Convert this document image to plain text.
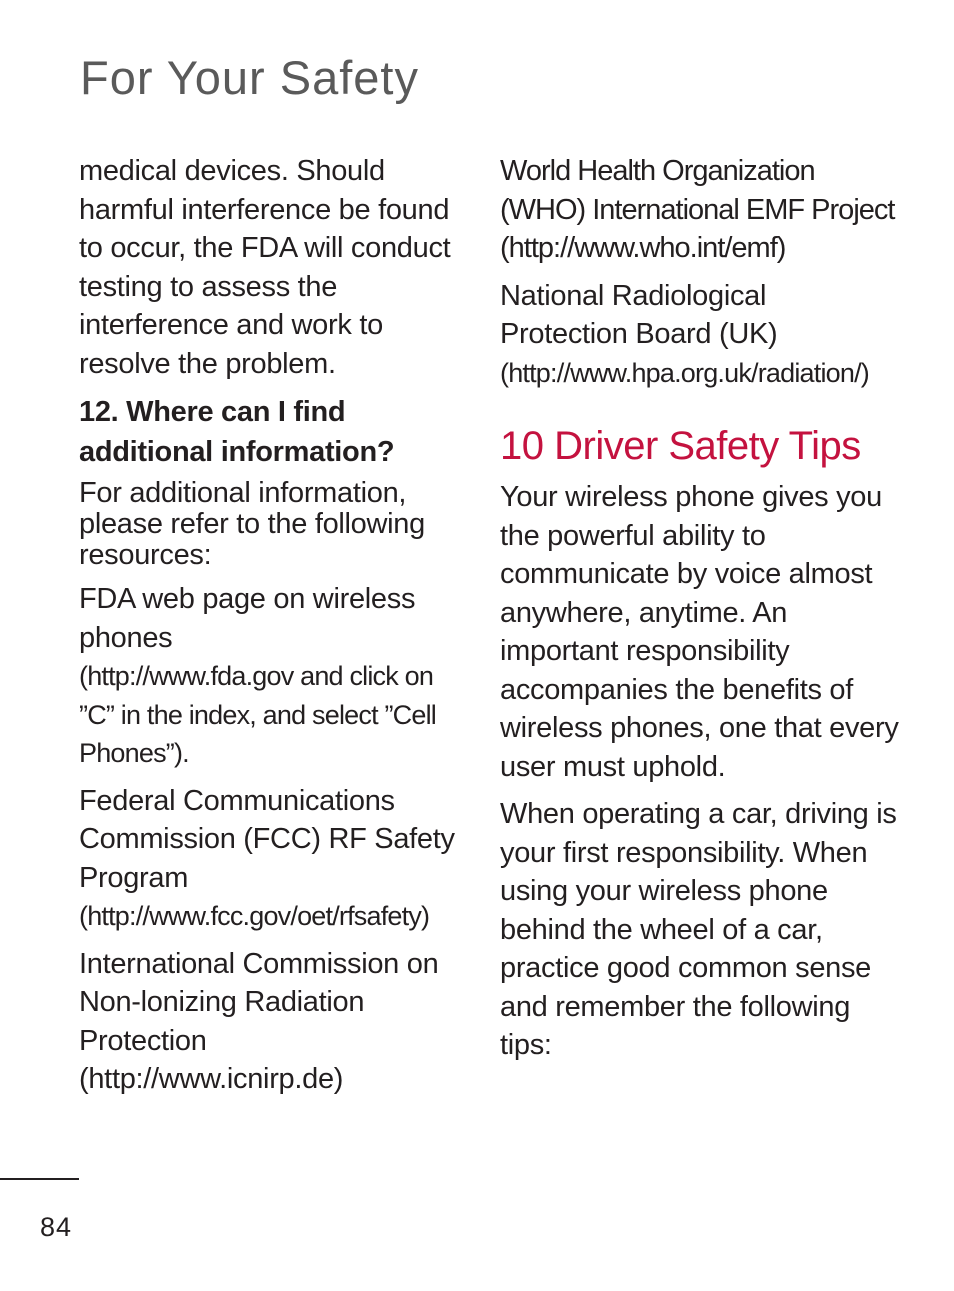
For Your Safety

medical devices. Should harmful interference be found to occur, the FDA will conduct testing to assess the interference and work to resolve the problem.

12. Where can I find additional information?

For additional information, please refer to the following resources:

FDA web page on wireless phones

(http://www.fda.gov and click on ”C” in the index, and select ”Cell Phones”).

Federal Communications Commission (FCC) RF Safety Program

(http://www.fcc.gov/oet/rfsafety)

International Commission on Non-lonizing Radiation Protection

(http://www.icnirp.de)

World Health Organization (WHO) International EMF Project (http://www.who.int/emf)

National Radiological Protection Board (UK)

(http://www.hpa.org.uk/radiation/)

10 Driver Safety Tips

Your wireless phone gives you the powerful ability to communicate by voice almost anywhere, anytime. An important responsibility accompanies the benefits of wireless phones, one that every user must uphold.

When operating a car, driving is your first responsibility. When using your wireless phone behind the wheel of a car, practice good common sense and remember the following tips:

84
